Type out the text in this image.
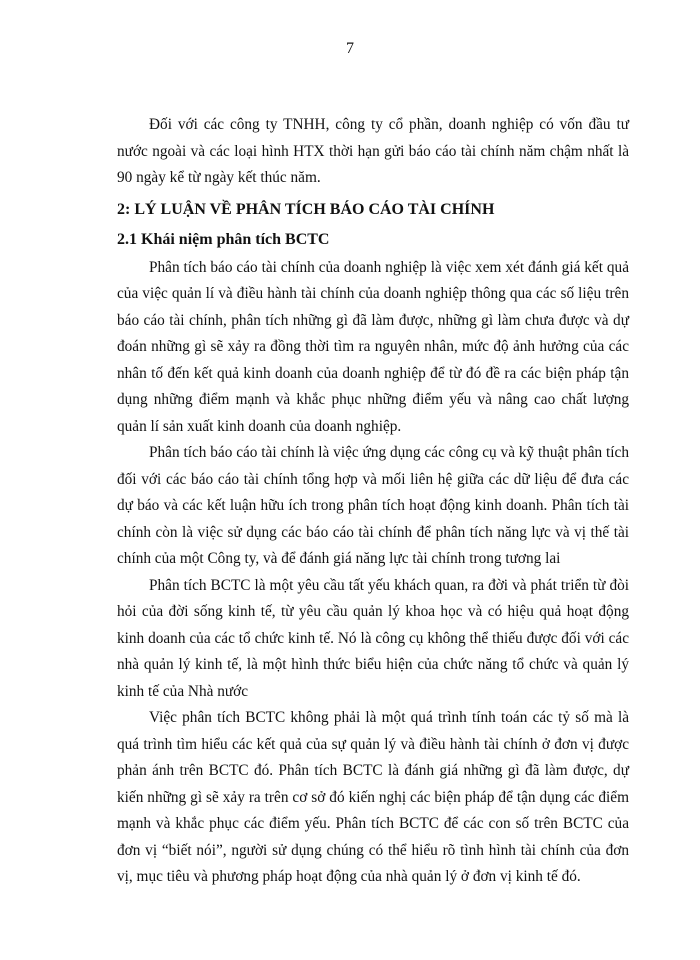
7

Đối với các công ty TNHH, công ty cổ phần, doanh nghiệp có vốn đầu tư nước ngoài và các loại hình HTX thời hạn gửi báo cáo tài chính năm chậm nhất là 90 ngày kể từ ngày kết thúc năm.

2: LÝ LUẬN VỀ PHÂN TÍCH BÁO CÁO TÀI CHÍNH
2.1 Khái niệm phân tích BCTC

Phân tích báo cáo tài chính của doanh nghiệp là việc xem xét đánh giá kết quả của việc quản lí và điều hành tài chính của doanh nghiệp thông qua các số liệu trên báo cáo tài chính, phân tích những gì đã làm được, những gì làm chưa được và dự đoán những gì sẽ xảy ra đồng thời tìm ra nguyên nhân, mức độ ảnh hưởng của các nhân tố đến kết quả kinh doanh của doanh nghiệp để từ đó đề ra các biện pháp tận dụng những điểm mạnh và khắc phục những điểm yếu và nâng cao chất lượng quản lí sản xuất kinh doanh của doanh nghiệp.

Phân tích báo cáo tài chính là việc ứng dụng các công cụ và kỹ thuật phân tích đối với các báo cáo tài chính tổng hợp và mối liên hệ giữa các dữ liệu để đưa các dự báo và các kết luận hữu ích trong phân tích hoạt động kinh doanh. Phân tích tài chính còn là việc sử dụng các báo cáo tài chính để phân tích năng lực và vị thế tài chính của một Công ty, và để đánh giá năng lực tài chính trong tương lai

Phân tích BCTC là một yêu cầu tất yếu khách quan, ra đời và phát triển từ đòi hỏi của đời sống kinh tế, từ yêu cầu quản lý khoa học và có hiệu quả hoạt động kinh doanh của các tổ chức kinh tế. Nó là công cụ không thể thiếu được đối với các nhà quản lý kinh tế, là một hình thức biểu hiện của chức năng tổ chức và quản lý kinh tế của Nhà nước

Việc phân tích BCTC không phải là một quá trình tính toán các tỷ số mà là quá trình tìm hiểu các kết quả của sự quản lý và điều hành tài chính ở đơn vị được phản ánh trên BCTC đó. Phân tích BCTC là đánh giá những gì đã làm được, dự kiến những gì sẽ xảy ra trên cơ sở đó kiến nghị các biện pháp để tận dụng các điểm mạnh và khắc phục các điểm yếu. Phân tích BCTC để các con số trên BCTC của đơn vị “biết nói”, người sử dụng chúng có thể hiểu rõ tình hình tài chính của đơn vị, mục tiêu và phương pháp hoạt động của nhà quản lý ở đơn vị kinh tế đó.
